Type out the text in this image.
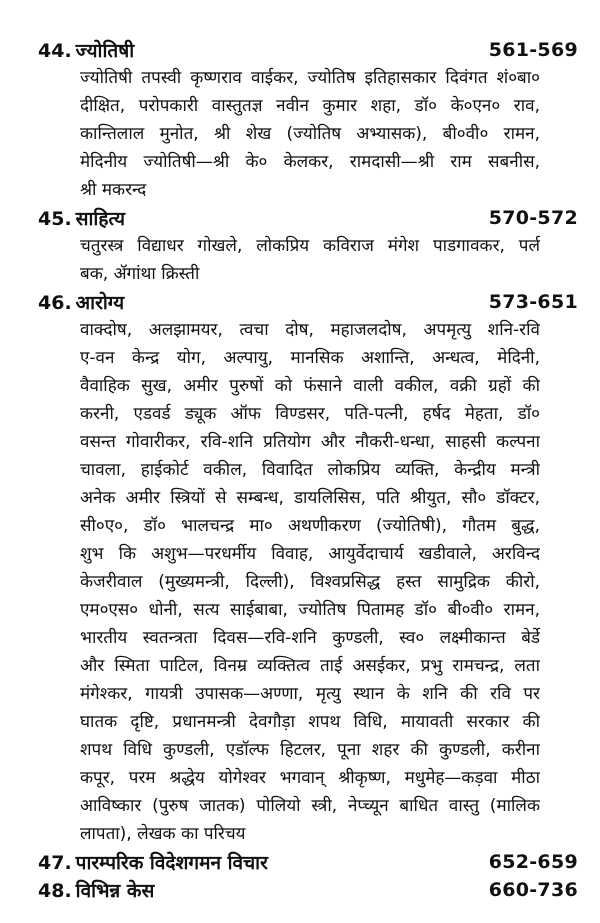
44. ज्योतिषी	561-569
ज्योतिषी तपस्वी कृष्णराव वाईकर, ज्योतिष इतिहासकार दिवंगत शं०बा०
दीक्षित, परोपकारी वास्तुतज्ञ नवीन कुमार शहा, डॉ० के०एन० राव,
कान्तिलाल मुनोत, श्री शेख (ज्योतिष अभ्यासक), बी०वी० रामन,
मेदिनीय ज्योतिषी—श्री के० केलकर, रामदासी—श्री राम सबनीस,
श्री मकरन्द
45. साहित्य	570-572
चतुरस्त्र विद्याधर गोखले, लोकप्रिय कविराज मंगेश पाडगावकर, पर्ल
बक, ॲगांथा क्रिस्ती
46. आरोग्य	573-651
वाक्दोष, अलझामयर, त्वचा दोष, महाजलदोष, अपमृत्यु शनि-रवि
ए-वन केन्द्र योग, अल्पायु, मानसिक अशान्ति, अन्धत्व, मेदिनी,
वैवाहिक सुख, अमीर पुरुषों को फंसाने वाली वकील, वक्री ग्रहों की
करनी, एडवर्ड ड्यूक ऑफ विण्डसर, पति-पत्नी, हर्षद मेहता, डॉ०
वसन्त गोवारीकर, रवि-शनि प्रतियोग और नौकरी-धन्धा, साहसी कल्पना
चावला, हाईकोर्ट वकील, विवादित लोकप्रिय व्यक्ति, केन्द्रीय मन्त्री
अनेक अमीर स्त्रियों से सम्बन्ध, डायलिसिस, पति श्रीयुत, सौ० डॉक्टर,
सी०ए०, डॉ० भालचन्द्र मा० अथणीकरण (ज्योतिषी), गौतम बुद्ध,
शुभ कि अशुभ—परधर्मीय विवाह, आयुर्वेदाचार्य खडीवाले, अरविन्द
केजरीवाल (मुख्यमन्त्री, दिल्ली), विश्वप्रसिद्ध हस्त सामुद्रिक कीरो,
एम०एस० धोनी, सत्य साईबाबा, ज्योतिष पितामह डॉ० बी०वी० रामन,
भारतीय स्वतन्त्रता दिवस—रवि-शनि कुण्डली, स्व० लक्ष्मीकान्त बेर्डे
और स्मिता पाटिल, विनम्र व्यक्तित्व ताई असईकर, प्रभु रामचन्द्र, लता
मंगेश्कर, गायत्री उपासक—अण्णा, मृत्यु स्थान के शनि की रवि पर
घातक दृष्टि, प्रधानमन्त्री देवगौड़ा शपथ विधि, मायावती सरकार की
शपथ विधि कुण्डली, एडॉल्फ हिटलर, पूना शहर की कुण्डली, करीना
कपूर, परम श्रद्धेय योगेश्वर भगवान् श्रीकृष्ण, मधुमेह—कड़वा मीठा
आविष्कार (पुरुष जातक) पोलियो स्त्री, नेप्च्यून बाधित वास्तु (मालिक
लापता), लेखक का परिचय
47. पारम्परिक विदेशगमन विचार	652-659
48. विभिन्न केस	660-736
